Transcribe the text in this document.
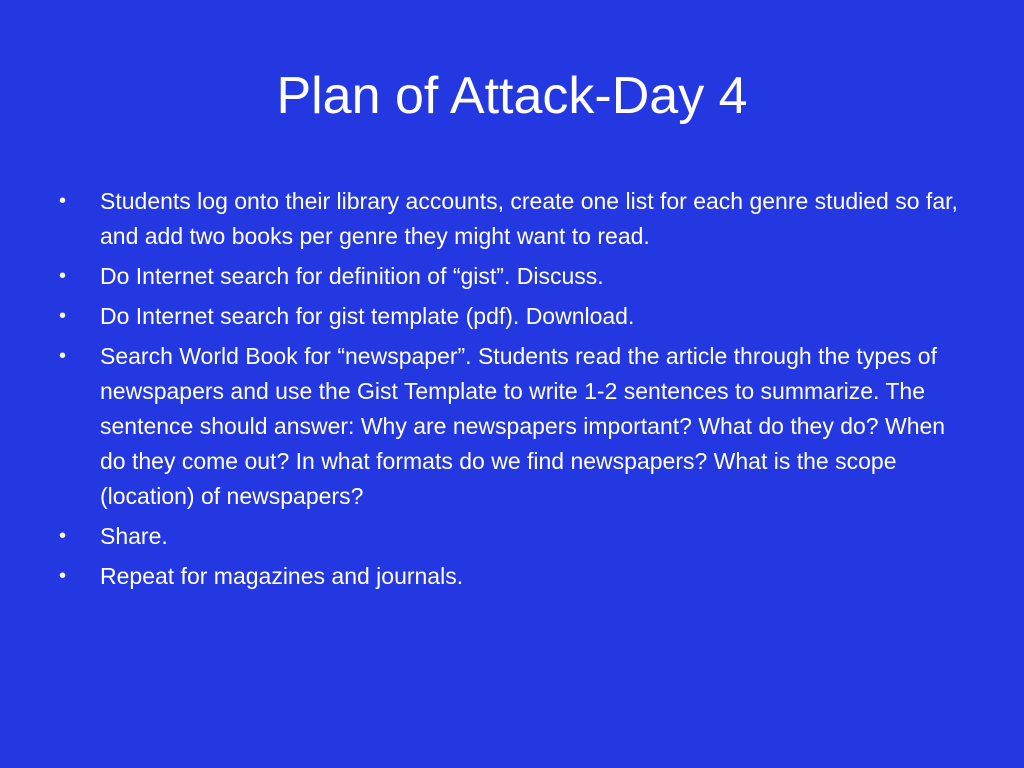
Plan of Attack-Day 4
• Students log onto their library accounts, create one list for each genre studied so far, and add two books per genre they might want to read.
• Do Internet search for definition of “gist”. Discuss.
• Do Internet search for gist template (pdf). Download.
• Search World Book for “newspaper”. Students read the article through the types of newspapers and use the Gist Template to write 1-2 sentences to summarize. The sentence should answer: Why are newspapers important? What do they do? When do they come out? In what formats do we find newspapers? What is the scope (location) of newspapers?
• Share.
• Repeat for magazines and journals.
